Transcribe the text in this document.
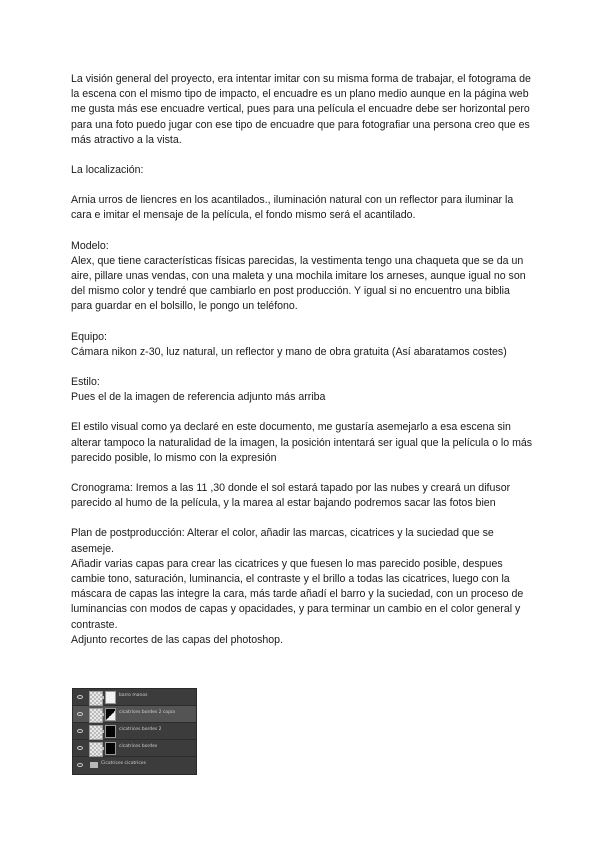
La visión general del proyecto, era intentar imitar con su misma forma de trabajar, el fotograma de la escena con el mismo tipo de impacto, el encuadre es un plano medio aunque en la página web me gusta más ese encuadre vertical, pues para una película el encuadre debe ser horizontal pero para una foto puedo jugar con ese tipo de encuadre que para fotografiar una persona creo que es más atractivo a la vista.

La localización:

Arnia urros de liencres en los acantilados., iluminación natural con un reflector para iluminar la cara e imitar el mensaje de la película, el fondo mismo será el acantilado.

Modelo:
Alex, que tiene características físicas parecidas, la vestimenta tengo una chaqueta que se da un aire, pillare unas vendas, con una maleta y una mochila imitare los arneses, aunque igual no son del mismo color y tendré que cambiarlo en post producción. Y igual si no encuentro una biblia para guardar en el bolsillo, le pongo un teléfono.

Equipo:
Cámara nikon z-30, luz natural, un reflector y mano de obra gratuita (Así abaratamos costes)

Estilo:
Pues el de la imagen de referencia adjunto más arriba

El estilo visual como ya declaré en este documento, me gustaría asemejarlo a esa escena sin alterar tampoco la naturalidad de la imagen, la posición intentará ser igual que la película o lo más parecido posible, lo mismo con la expresión

Cronograma: Iremos a las 11 ,30 donde el sol estará tapado por las nubes y creará un difusor parecido al humo de la película, y la marea al estar bajando podremos sacar las fotos bien

Plan de postproducción: Alterar el color, añadir las marcas, cicatrices y la suciedad que se asemeje.
Añadir varias capas para crear las cicatrices y que fuesen lo mas parecido posible, despues cambie tono, saturación, luminancia, el contraste y el brillo a todas las cicatrices, luego con la máscara de capas las integre la cara, más tarde añadí el barro y la suciedad, con un proceso de luminancias con modos de capas y opacidades, y para terminar un cambio en el color general y contraste.
Adjunto recortes de las capas del photoshop.

barro manos
cicatrices bordes 2 copia
cicatrices bordes 2
cicatrices bordes
Cicatrices cicatrices
